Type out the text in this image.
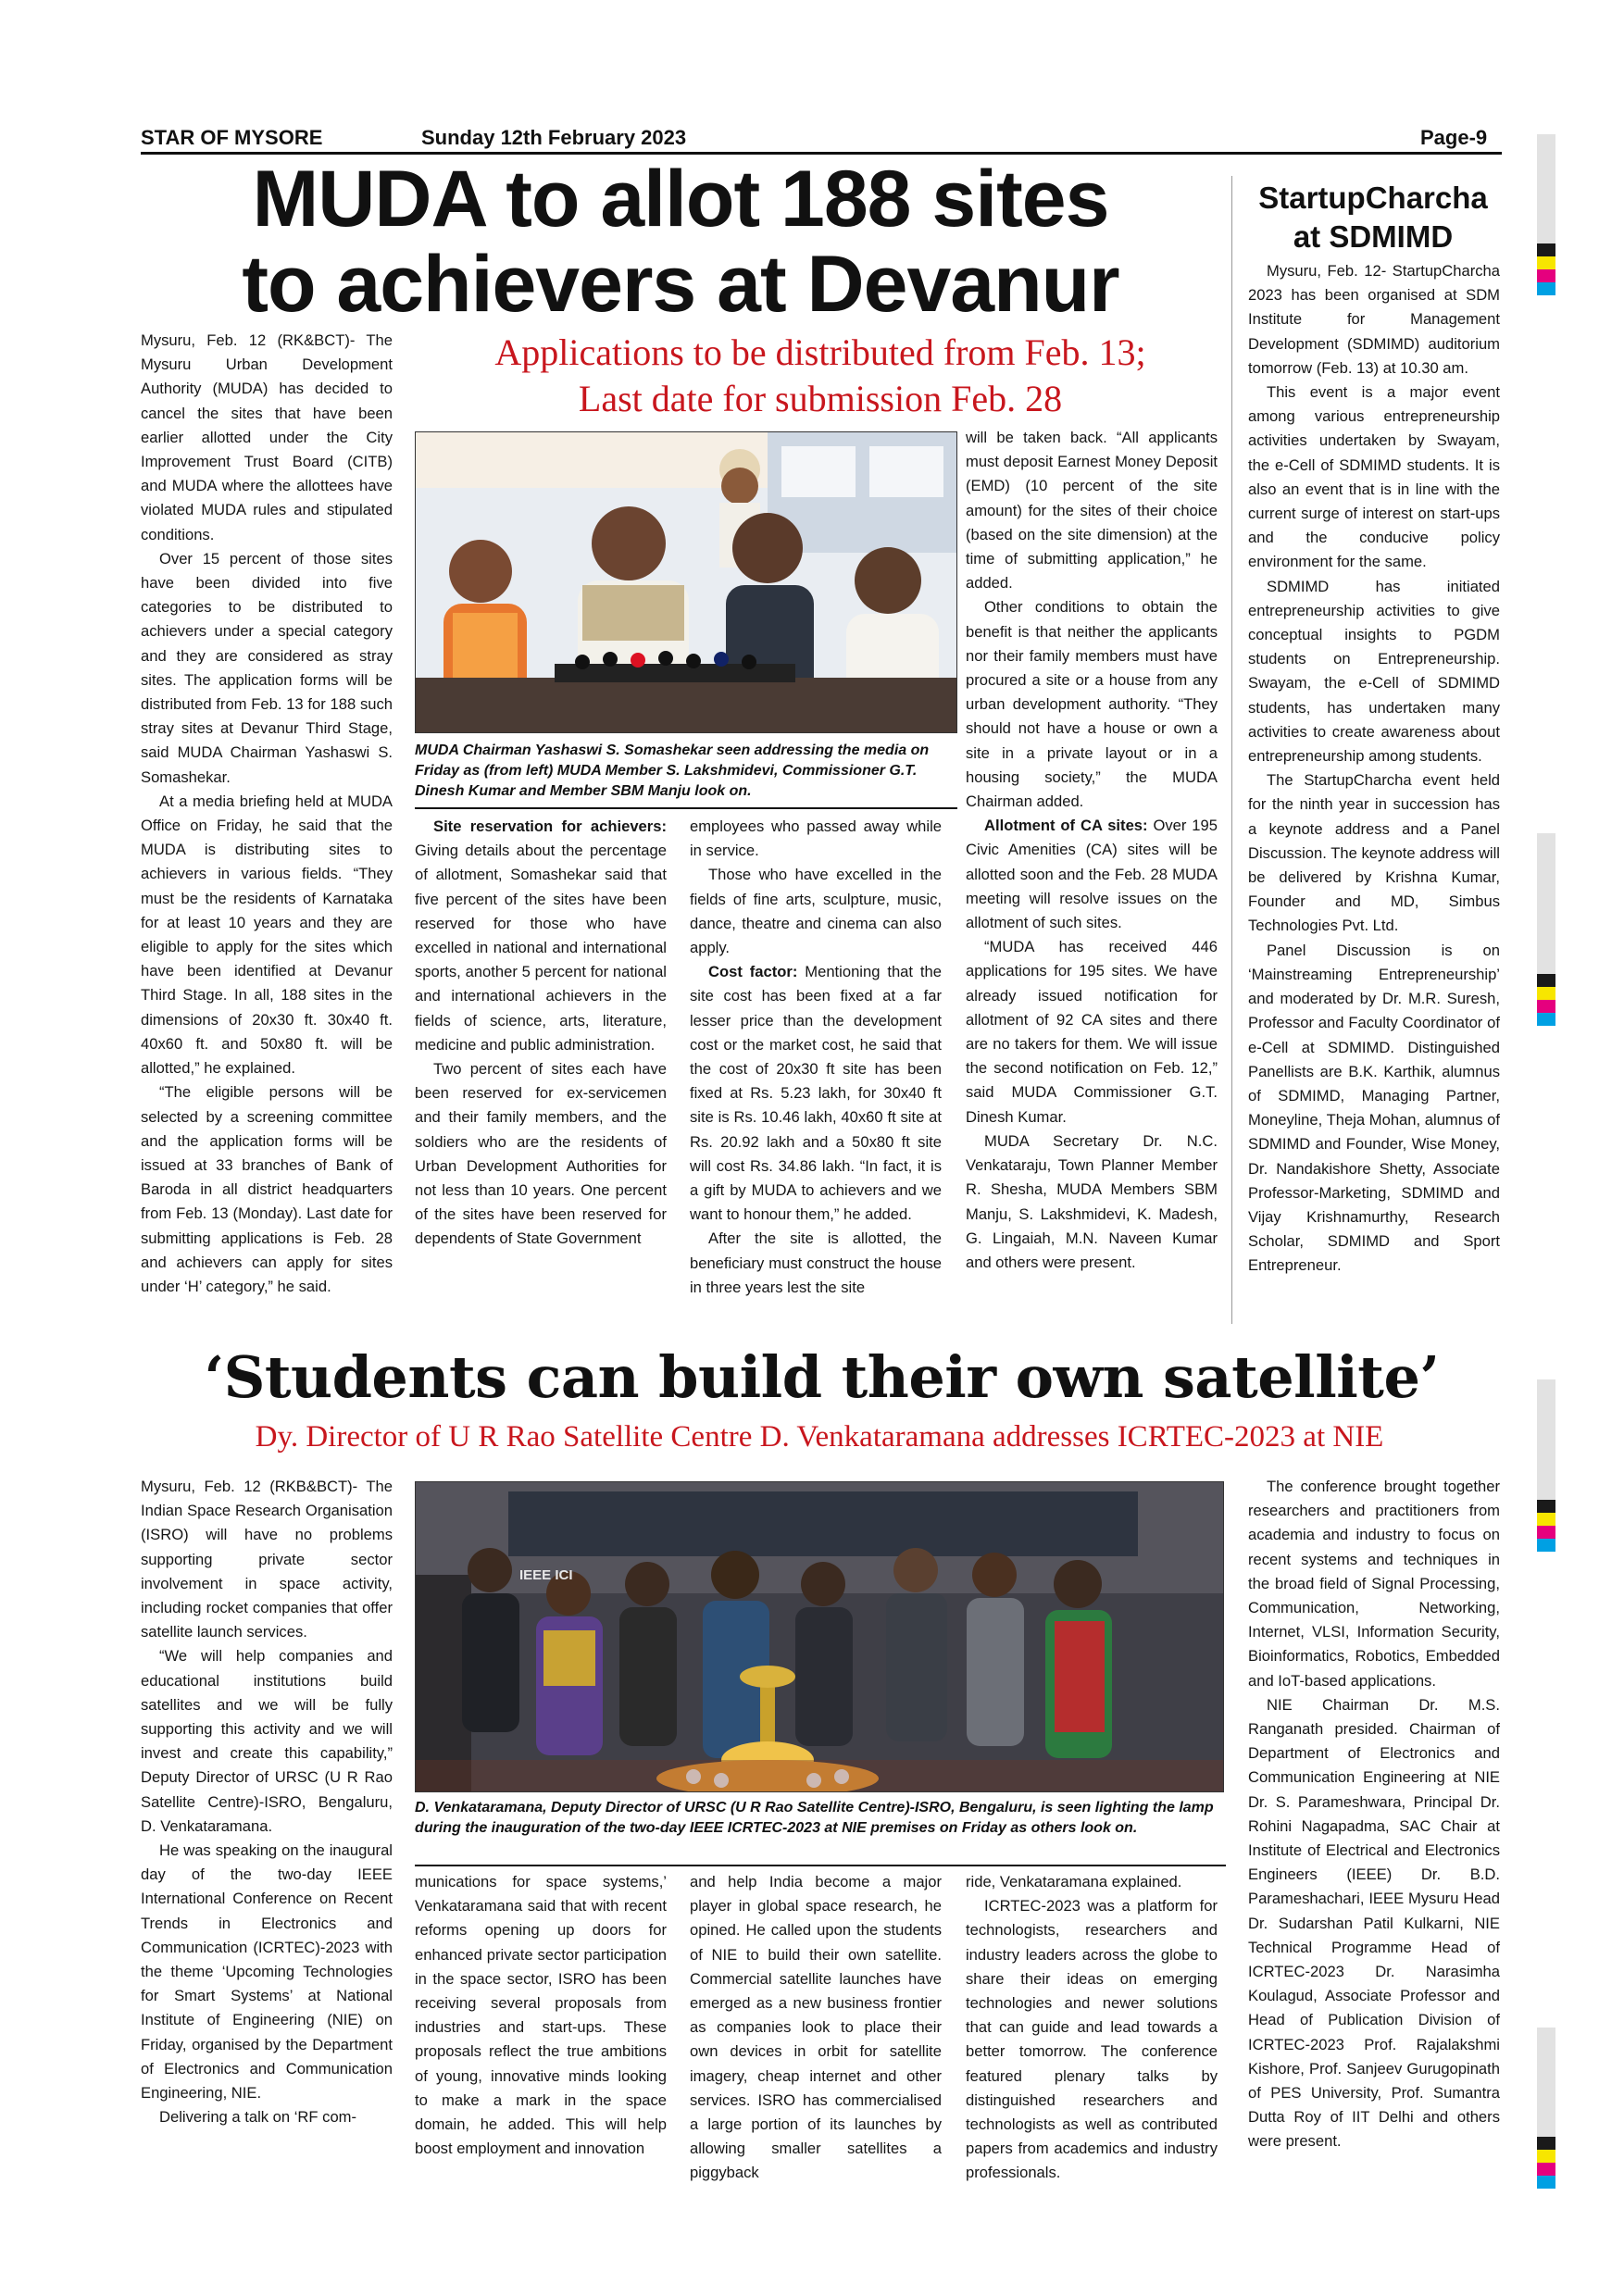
STAR OF MYSORE	Sunday 12th February 2023	Page-9
MUDA to allot 188 sites
to achievers at Devanur
Applications to be distributed from Feb. 13;
Last date for submission Feb. 28

Mysuru, Feb. 12 (RK&BCT)- The Mysuru Urban Development Authority (MUDA) has decided to cancel the sites that have been earlier allotted under the City Improvement Trust Board (CITB) and MUDA where the allottees have violated MUDA rules and stipulated conditions.

Over 15 percent of those sites have been divided into five categories to be distributed to achievers under a special category and they are considered as stray sites. The application forms will be distributed from Feb. 13 for 188 such stray sites at Devanur Third Stage, said MUDA Chairman Yashaswi S. Somashekar.

At a media briefing held at MUDA Office on Friday, he said that the MUDA is distributing sites to achievers in various fields. “They must be the residents of Karnataka for at least 10 years and they are eligible to apply for the sites which have been identified at Devanur Third Stage. In all, 188 sites in the dimensions of 20x30 ft. 30x40 ft. 40x60 ft. and 50x80 ft. will be allotted,” he explained.

“The eligible persons will be selected by a screening committee and the application forms will be issued at 33 branches of Bank of Baroda in all district headquarters from Feb. 13 (Monday). Last date for submitting applications is Feb. 28 and achievers can apply for sites under ‘H’ category,” he said.

MUDA Chairman Yashaswi S. Somashekar seen addressing the media on Friday as (from left) MUDA Member S. Lakshmidevi, Commissioner G.T. Dinesh Kumar and Member SBM Manju look on.

Site reservation for achievers: Giving details about the percentage of allotment, Somashekar said that five percent of the sites have been reserved for those who have excelled in national and international sports, another 5 percent for national and international achievers in the fields of science, arts, literature, medicine and public administration.

Two percent of sites each have been reserved for ex-servicemen and their family members, and the soldiers who are the residents of Urban Development Authorities for not less than 10 years. One percent of the sites have been reserved for dependents of State Government

employees who passed away while in service.

Those who have excelled in the fields of fine arts, sculpture, music, dance, theatre and cinema can also apply.

Cost factor: Mentioning that the site cost has been fixed at a far lesser price than the development cost or the market cost, he said that the cost of 20x30 ft site has been fixed at Rs. 5.23 lakh, for 30x40 ft site is Rs. 10.46 lakh, 40x60 ft site at Rs. 20.92 lakh and a 50x80 ft site will cost Rs. 34.86 lakh. “In fact, it is a gift by MUDA to achievers and we want to honour them,” he added.

After the site is allotted, the beneficiary must construct the house in three years lest the site

will be taken back. “All applicants must deposit Earnest Money Deposit (EMD) (10 percent of the site amount) for the sites of their choice (based on the site dimension) at the time of submitting application,” he added.

Other conditions to obtain the benefit is that neither the applicants nor their family members must have procured a site or a house from any urban development authority. “They should not have a house or own a site in a private layout or in a housing society,” the MUDA Chairman added.

Allotment of CA sites: Over 195 Civic Amenities (CA) sites will be allotted soon and the Feb. 28 MUDA meeting will resolve issues on the allotment of such sites.

“MUDA has received 446 applications for 195 sites. We have already issued notification for allotment of 92 CA sites and there are no takers for them. We will issue the second notification on Feb. 12,” said MUDA Commissioner G.T. Dinesh Kumar.

MUDA Secretary Dr. N.C. Venkataraju, Town Planner Member R. Shesha, MUDA Members SBM Manju, S. Lakshmidevi, K. Madesh, G. Lingaiah, M.N. Naveen Kumar and others were present.

StartupCharcha
at SDMIMD

Mysuru, Feb. 12- StartupCharcha 2023 has been organised at SDM Institute for Management Development (SDMIMD) auditorium tomorrow (Feb. 13) at 10.30 am.

This event is a major event among various entrepreneurship activities undertaken by Swayam, the e-Cell of SDMIMD students. It is also an event that is in line with the current surge of interest on start-ups and the conducive policy environment for the same.

SDMIMD has initiated entrepreneurship activities to give conceptual insights to PGDM students on Entrepreneurship. Swayam, the e-Cell of SDMIMD students, has undertaken many activities to create awareness about entrepreneurship among students.

The StartupCharcha event held for the ninth year in succession has a keynote address and a Panel Discussion. The keynote address will be delivered by Krishna Kumar, Founder and MD, Simbus Technologies Pvt. Ltd.

Panel Discussion is on ‘Mainstreaming Entrepreneurship’ and moderated by Dr. M.R. Suresh, Professor and Faculty Coordinator of e-Cell at SDMIMD. Distinguished Panellists are B.K. Karthik, alumnus of SDMIMD, Managing Partner, Moneyline, Theja Mohan, alumnus of SDMIMD and Founder, Wise Money, Dr. Nandakishore Shetty, Associate Professor-Marketing, SDMIMD and Vijay Krishnamurthy, Research Scholar, SDMIMD and Sport Entrepreneur.

‘Students can build their own satellite’
Dy. Director of U R Rao Satellite Centre D. Venkataramana addresses ICRTEC-2023 at NIE

Mysuru, Feb. 12 (RKB&BCT)- The Indian Space Research Organisation (ISRO) will have no problems supporting private sector involvement in space activity, including rocket companies that offer satellite launch services.

“We will help companies and educational institutions build satellites and we will be fully supporting this activity and we will invest and create this capability,” Deputy Director of URSC (U R Rao Satellite Centre)-ISRO, Bengaluru, D. Venkataramana.

He was speaking on the inaugural day of the two-day IEEE International Conference on Recent Trends in Electronics and Communication (ICRTEC)-2023 with the theme ‘Upcoming Technologies for Smart Systems’ at National Institute of Engineering (NIE) on Friday, organised by the Department of Electronics and Communication Engineering, NIE.

Delivering a talk on ‘RF com-

IEEE ICI
D. Venkataramana, Deputy Director of URSC (U R Rao Satellite Centre)-ISRO, Bengaluru, is seen lighting the lamp during the inauguration of the two-day IEEE ICRTEC-2023 at NIE premises on Friday as others look on.

munications for space systems,’ Venkataramana said that with recent reforms opening up doors for enhanced private sector participation in the space sector, ISRO has been receiving several proposals from industries and start-ups. These proposals reflect the true ambitions of young, innovative minds looking to make a mark in the space domain, he added. This will help boost employment and innovation

and help India become a major player in global space research, he opined. He called upon the students of NIE to build their own satellite. Commercial satellite launches have emerged as a new business frontier as companies look to place their own devices in orbit for satellite imagery, cheap internet and other services. ISRO has commercialised a large portion of its launches by allowing smaller satellites a piggyback

ride, Venkataramana explained.

ICRTEC-2023 was a platform for technologists, researchers and industry leaders across the globe to share their ideas on emerging technologies and newer solutions that can guide and lead towards a better tomorrow. The conference featured plenary talks by distinguished researchers and technologists as well as contributed papers from academics and industry professionals.

The conference brought together researchers and practitioners from academia and industry to focus on recent systems and techniques in the broad field of Signal Processing, Communication, Networking, Internet, VLSI, Information Security, Bioinformatics, Robotics, Embedded and IoT-based applications.

NIE Chairman Dr. M.S. Ranganath presided. Chairman of Department of Electronics and Communication Engineering at NIE Dr. S. Parameshwara, Principal Dr. Rohini Nagapadma, SAC Chair at Institute of Electrical and Electronics Engineers (IEEE) Dr. B.D. Parameshachari, IEEE Mysuru Head Dr. Sudarshan Patil Kulkarni, NIE Technical Programme Head of ICRTEC-2023 Dr. Narasimha Koulagud, Associate Professor and Head of Publication Division of ICRTEC-2023 Prof. Rajalakshmi Kishore, Prof. Sanjeev Gurugopinath of PES University, Prof. Sumantra Dutta Roy of IIT Delhi and others were present.
